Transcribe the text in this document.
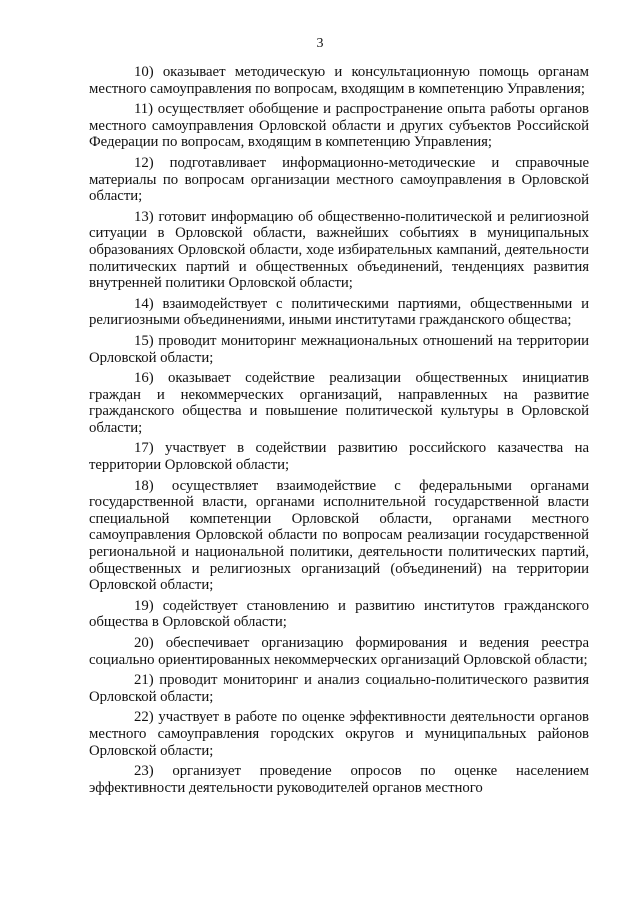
3

10) оказывает методическую и консультационную помощь органам местного самоуправления по вопросам, входящим в компетенцию Управления;

11) осуществляет обобщение и распространение опыта работы органов местного самоуправления Орловской области и других субъектов Российской Федерации по вопросам, входящим в компетенцию Управления;

12) подготавливает информационно-методические и справочные материалы по вопросам организации местного самоуправления в Орловской области;

13) готовит информацию об общественно-политической и религиозной ситуации в Орловской области, важнейших событиях в муниципальных образованиях Орловской области, ходе избирательных кампаний, деятельности политических партий и общественных объединений, тенденциях развития внутренней политики Орловской области;

14) взаимодействует с политическими партиями, общественными и религиозными объединениями, иными институтами гражданского общества;

15) проводит мониторинг межнациональных отношений на территории Орловской области;

16) оказывает содействие реализации общественных инициатив граждан и некоммерческих организаций, направленных на развитие гражданского общества и повышение политической культуры в Орловской области;

17) участвует в содействии развитию российского казачества на территории Орловской области;

18) осуществляет взаимодействие с федеральными органами государственной власти, органами исполнительной государственной власти специальной компетенции Орловской области, органами местного самоуправления Орловской области по вопросам реализации государственной региональной и национальной политики, деятельности политических партий, общественных и религиозных организаций (объединений) на территории Орловской области;

19) содействует становлению и развитию институтов гражданского общества в Орловской области;

20) обеспечивает организацию формирования и ведения реестра социально ориентированных некоммерческих организаций Орловской области;

21) проводит мониторинг и анализ социально-политического развития Орловской области;

22) участвует в работе по оценке эффективности деятельности органов местного самоуправления городских округов и муниципальных районов Орловской области;

23) организует проведение опросов по оценке населением эффективности деятельности руководителей органов местного
